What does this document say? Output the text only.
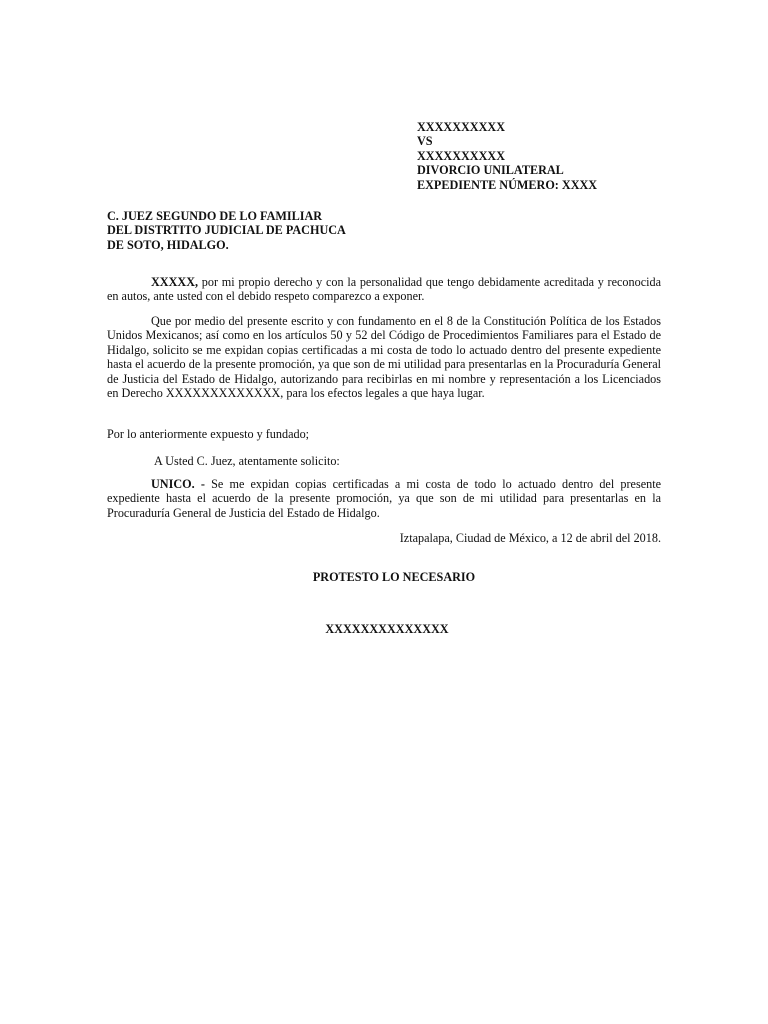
XXXXXXXXXX
VS
XXXXXXXXXX
DIVORCIO UNILATERAL
EXPEDIENTE NÚMERO: XXXX
C. JUEZ SEGUNDO DE LO FAMILIAR
DEL DISTRTITO JUDICIAL DE PACHUCA
DE SOTO, HIDALGO.
XXXXX, por mi propio derecho y con la personalidad que tengo debidamente acreditada y reconocida en autos, ante usted con el debido respeto comparezco a exponer.
Que por medio del presente escrito y con fundamento en el 8 de la Constitución Política de los Estados Unidos Mexicanos; así como en los artículos 50 y 52 del Código de Procedimientos Familiares para el Estado de Hidalgo, solicito se me expidan copias certificadas a mi costa de todo lo actuado dentro del presente expediente hasta el acuerdo de la presente promoción, ya que son de mi utilidad para presentarlas en la Procuraduría General de Justicia del Estado de Hidalgo, autorizando para recibirlas en mi nombre y representación a los Licenciados en Derecho XXXXXXXXXXXXX, para los efectos legales a que haya lugar.
Por lo anteriormente expuesto y fundado;
A Usted C. Juez, atentamente solicito:
UNICO. - Se me expidan copias certificadas a mi costa de todo lo actuado dentro del presente expediente hasta el acuerdo de la presente promoción, ya que son de mi utilidad para presentarlas en la Procuraduría General de Justicia del Estado de Hidalgo.
Iztapalapa, Ciudad de México, a 12 de abril del 2018.
PROTESTO LO NECESARIO
XXXXXXXXXXXXXX
